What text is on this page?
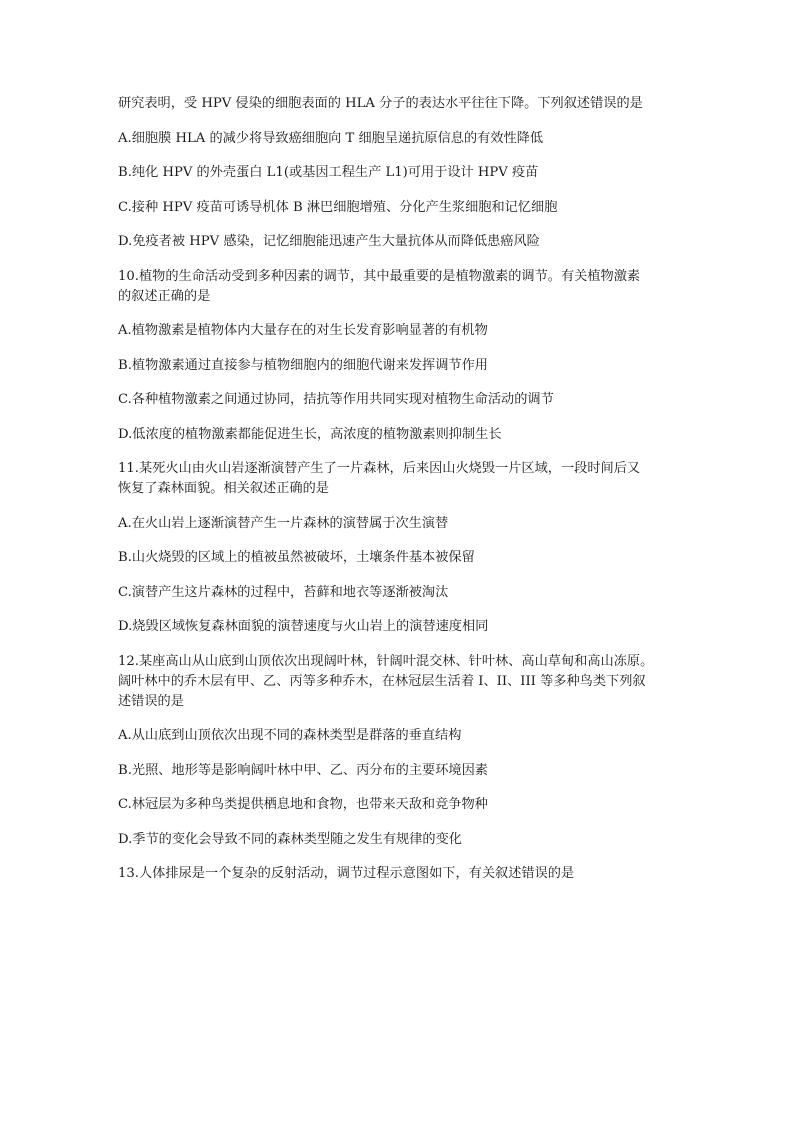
研究表明，受 HPV 侵染的细胞表面的 HLA 分子的表达水平往往下降。下列叙述错误的是

A.细胞膜 HLA 的减少将导致癌细胞向 T 细胞呈递抗原信息的有效性降低

B.纯化 HPV 的外壳蛋白 L1(或基因工程生产 L1)可用于设计 HPV 疫苗

C.接种 HPV 疫苗可诱导机体 B 淋巴细胞增殖、分化产生浆细胞和记忆细胞

D.免疫者被 HPV 感染，记忆细胞能迅速产生大量抗体从而降低患癌风险

10.植物的生命活动受到多种因素的调节，其中最重要的是植物激素的调节。有关植物激素

的叙述正确的是

A.植物激素是植物体内大量存在的对生长发育影响显著的有机物

B.植物激素通过直接参与植物细胞内的细胞代谢来发挥调节作用

C.各种植物激素之间通过协同，拮抗等作用共同实现对植物生命活动的调节

D.低浓度的植物激素都能促进生长，高浓度的植物激素则抑制生长

11.某死火山由火山岩逐渐演替产生了一片森林，后来因山火烧毁一片区域，一段时间后又

恢复了森林面貌。相关叙述正确的是

A.在火山岩上逐渐演替产生一片森林的演替属于次生演替

B.山火烧毁的区域上的植被虽然被破坏，土壤条件基本被保留

C.演替产生这片森林的过程中，苔藓和地衣等逐渐被淘汰

D.烧毁区域恢复森林面貌的演替速度与火山岩上的演替速度相同

12.某座高山从山底到山顶依次出现阔叶林，针阔叶混交林、针叶林、高山草甸和高山冻原。

阔叶林中的乔木层有甲、乙、丙等多种乔木，在林冠层生活着 I、II、III 等多种鸟类下列叙

述错误的是

A.从山底到山顶依次出现不同的森林类型是群落的垂直结构

B.光照、地形等是影响阔叶林中甲、乙、丙分布的主要环境因素

C.林冠层为多种鸟类提供栖息地和食物，也带来天敌和竞争物种

D.季节的变化会导致不同的森林类型随之发生有规律的变化

13.人体排尿是一个复杂的反射活动，调节过程示意图如下，有关叙述错误的是
